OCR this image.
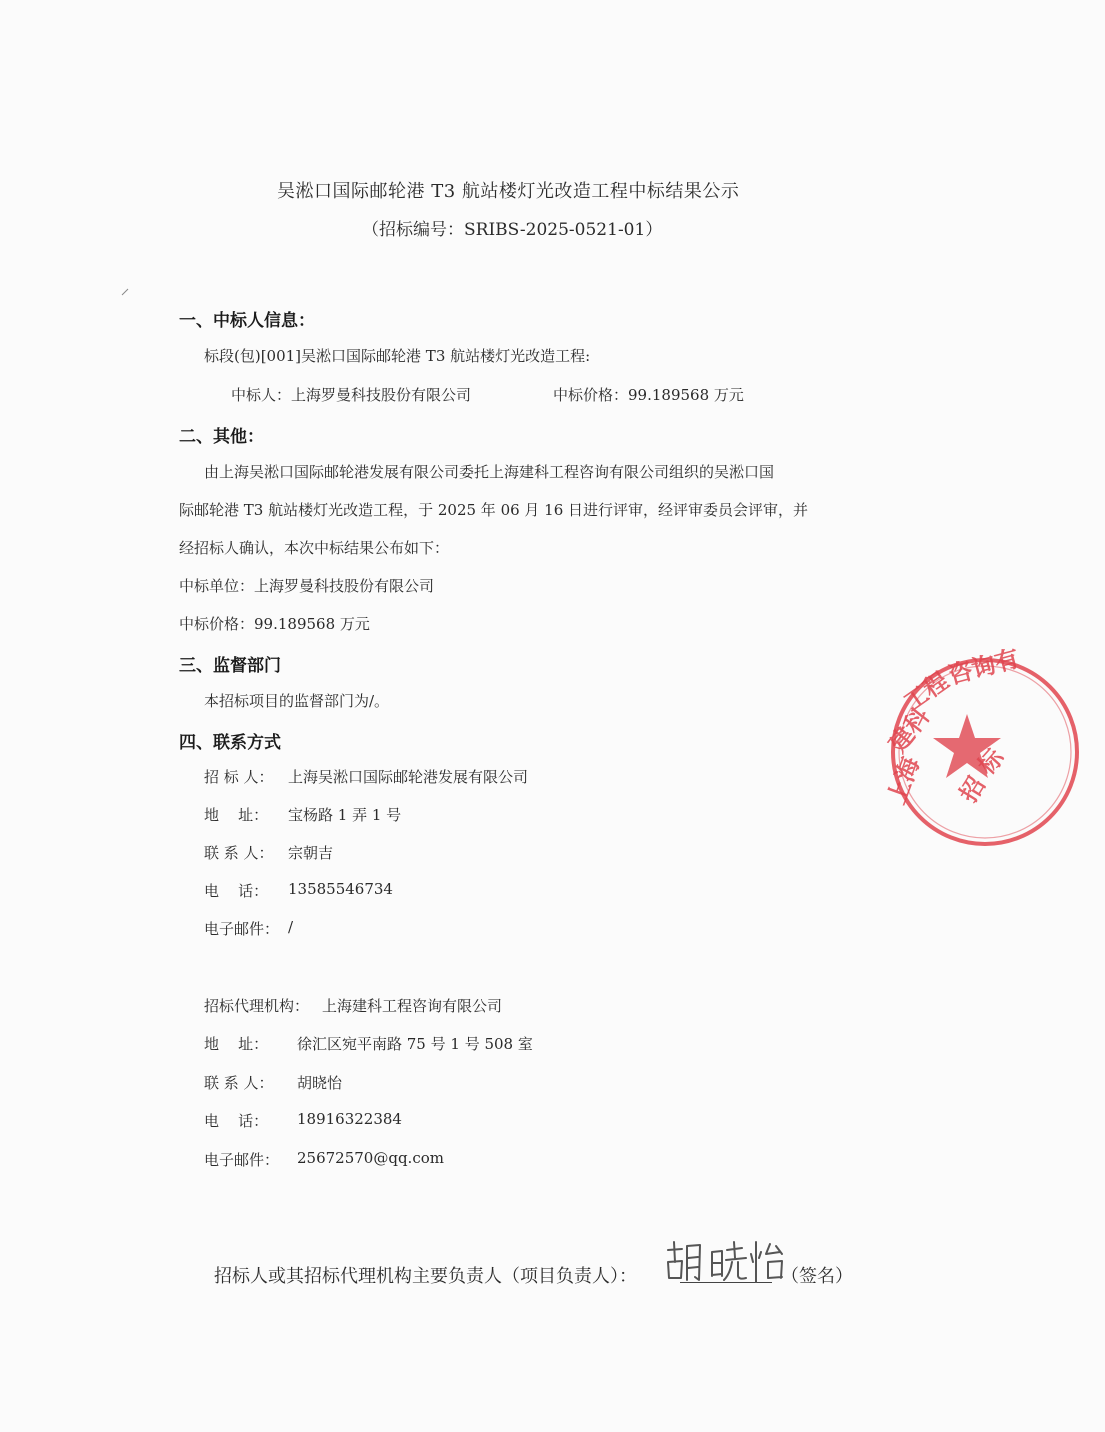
吴淞口国际邮轮港 T3 航站楼灯光改造工程中标结果公示
（招标编号：SRIBS-2025-0521-01）
一、中标人信息：
标段(包)[001]吴淞口国际邮轮港 T3 航站楼灯光改造工程:
中标人：上海罗曼科技股份有限公司	中标价格：99.189568 万元
二、其他：
由上海吴淞口国际邮轮港发展有限公司委托上海建科工程咨询有限公司组织的吴淞口国
际邮轮港 T3 航站楼灯光改造工程，于 2025 年 06 月 16 日进行评审，经评审委员会评审，并
经招标人确认，本次中标结果公布如下：
中标单位：上海罗曼科技股份有限公司
中标价格：99.189568 万元
三、监督部门
本招标项目的监督部门为/。
四、联系方式
招 标 人： 上海吴淞口国际邮轮港发展有限公司
地    址： 宝杨路 1 弄 1 号
联 系 人： 宗朝吉
电    话： 13585546734
电子邮件： /
招标代理机构： 上海建科工程咨询有限公司
地    址： 徐汇区宛平南路 75 号 1 号 508 室
联 系 人： 胡晓怡
电    话： 18916322384
电子邮件： 25672570@qq.com
招标人或其招标代理机构主要负责人（项目负责人）：	（签名）
上海
建科
工程
咨询有
招
标
